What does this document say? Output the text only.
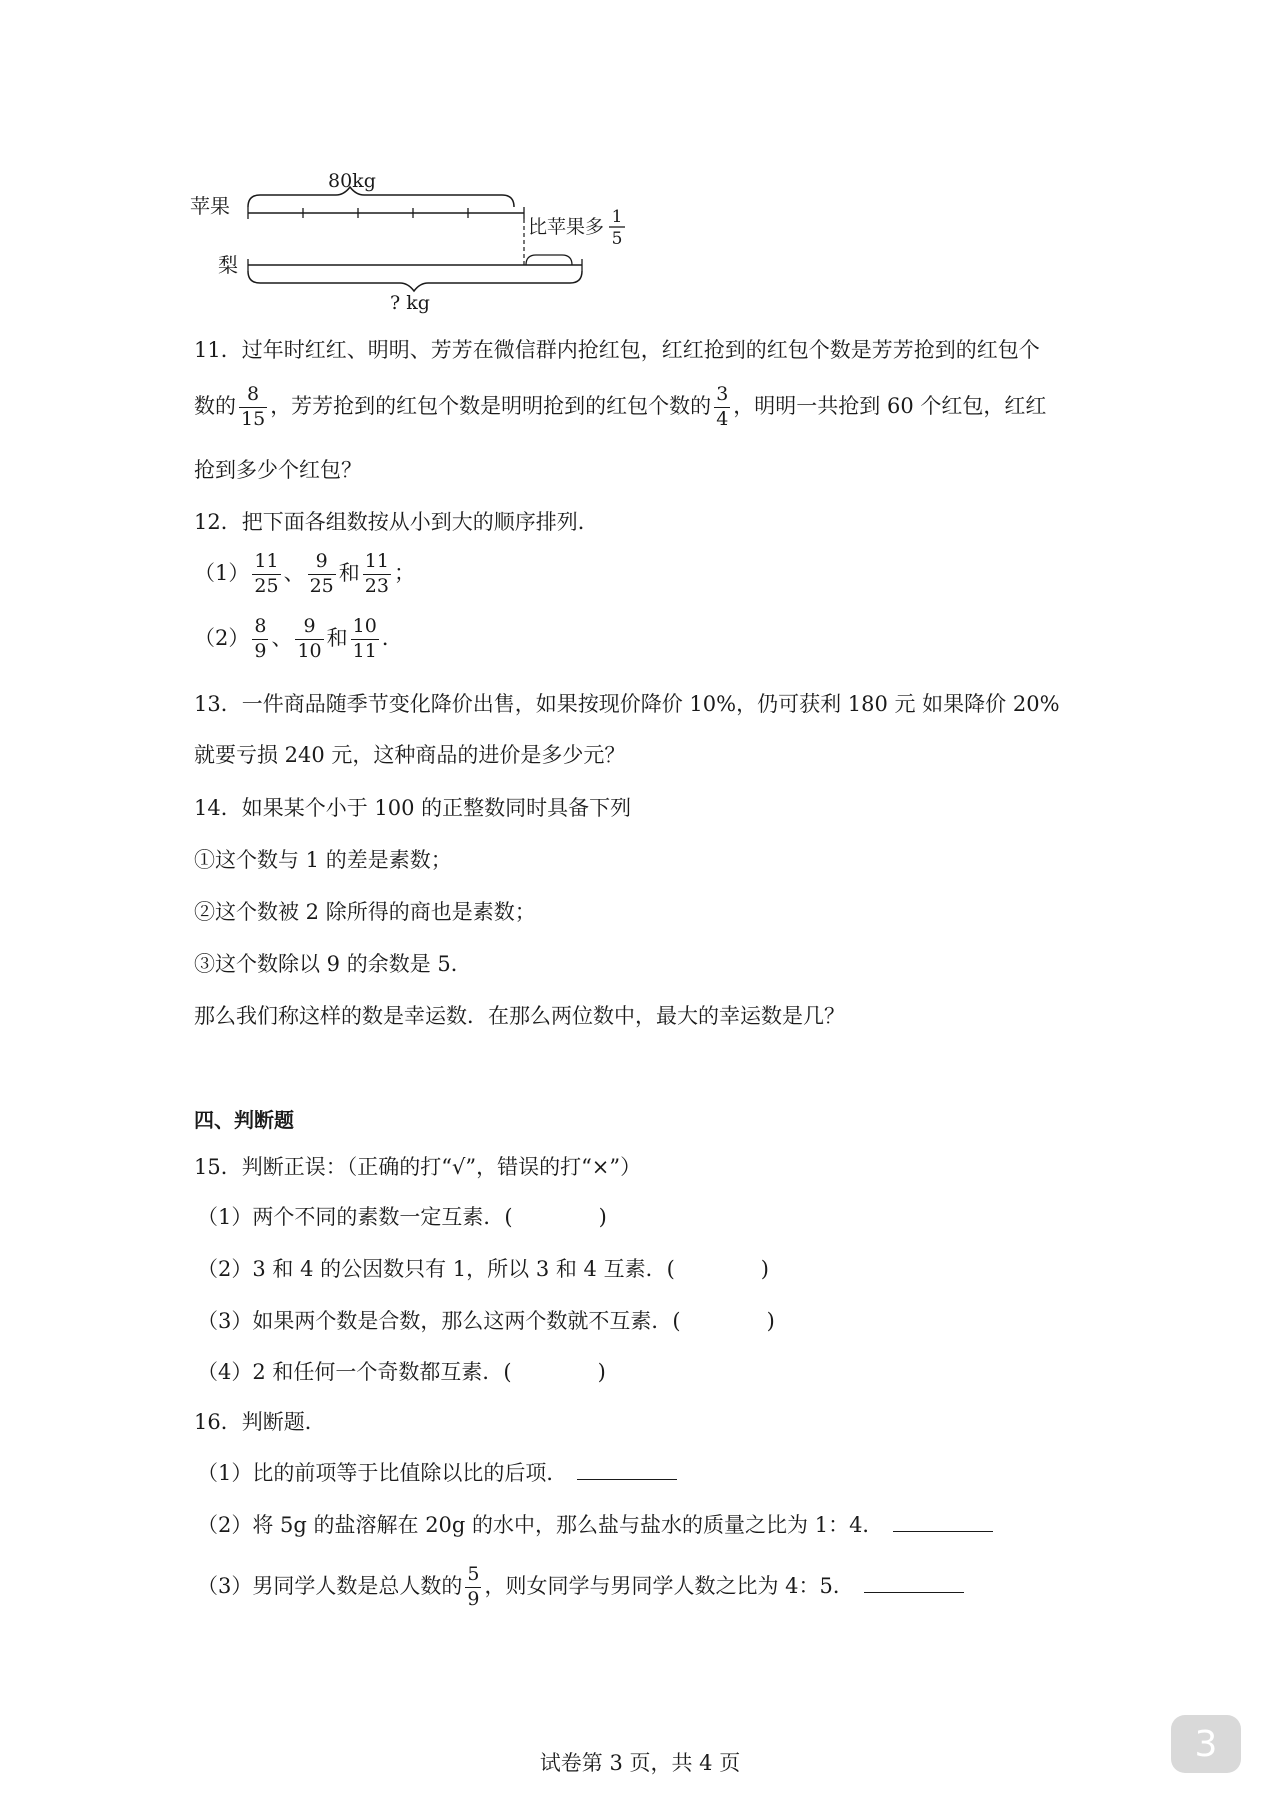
80kg
苹果
比苹果多 1
5
梨
? kg
11．过年时红红、明明、芳芳在微信群内抢红包，红红抢到的红包个数是芳芳抢到的红包个
数的 $\frac{8}{15}$ ，芳芳抢到的红包个数是明明抢到的红包个数的 $\frac{3}{4}$ ，明明一共抢到 60 个红包，红红
抢到多少个红包？
12．把下面各组数按从小到大的顺序排列．
$(1) \frac{11}{25}$ 、 $\frac{9}{25}$ 和 $\frac{11}{23}$ ；
$(2) \frac{8}{9}$ 、 $\frac{9}{10}$ 和 $\frac{10}{11}$ ．
13．一件商品随季节变化降价出售，如果按现价降价 10%，仍可获利 180 元 如果降价 20%
就要亏损 240 元，这种商品的进价是多少元？
14．如果某个小于 100 的正整数同时具备下列
①这个数与 1 的差是素数；
②这个数被 2 除所得的商也是素数；
③这个数除以 9 的余数是 5．
那么我们称这样的数是幸运数．在那么两位数中，最大的幸运数是几？
四、判断题
15．判断正误：（正确的打“√”，错误的打“×”）
（1）两个不同的素数一定互素．(	)
（2）3 和 4 的公因数只有 1，所以 3 和 4 互素．(	)
（3）如果两个数是合数，那么这两个数就不互素．(	)
（4）2 和任何一个奇数都互素．(	)
16．判断题．
（1）比的前项等于比值除以比的后项．
（2）将 5g 的盐溶解在 20g 的水中，那么盐与盐水的质量之比为 1：4．
（3）男同学人数是总人数的 $\frac{5}{9}$ ，则女同学与男同学人数之比为 4：5．
试卷第 3 页，共 4 页	3
